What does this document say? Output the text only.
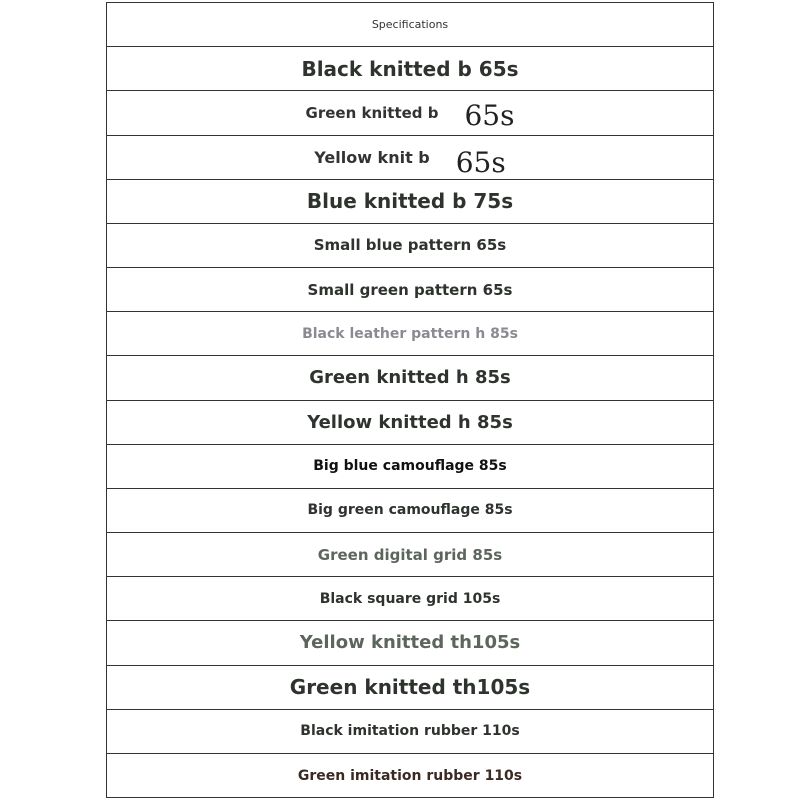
Specifications
Black knitted b 65s
Green knitted b 65s
Yellow knit b 65s
Blue knitted b 75s
Small blue pattern 65s
Small green pattern 65s
Black leather pattern h 85s
Green knitted h 85s
Yellow knitted h 85s
Big blue camouflage 85s
Big green camouflage 85s
Green digital grid 85s
Black square grid 105s
Yellow knitted th105s
Green knitted th105s
Black imitation rubber 110s
Green imitation rubber 110s
